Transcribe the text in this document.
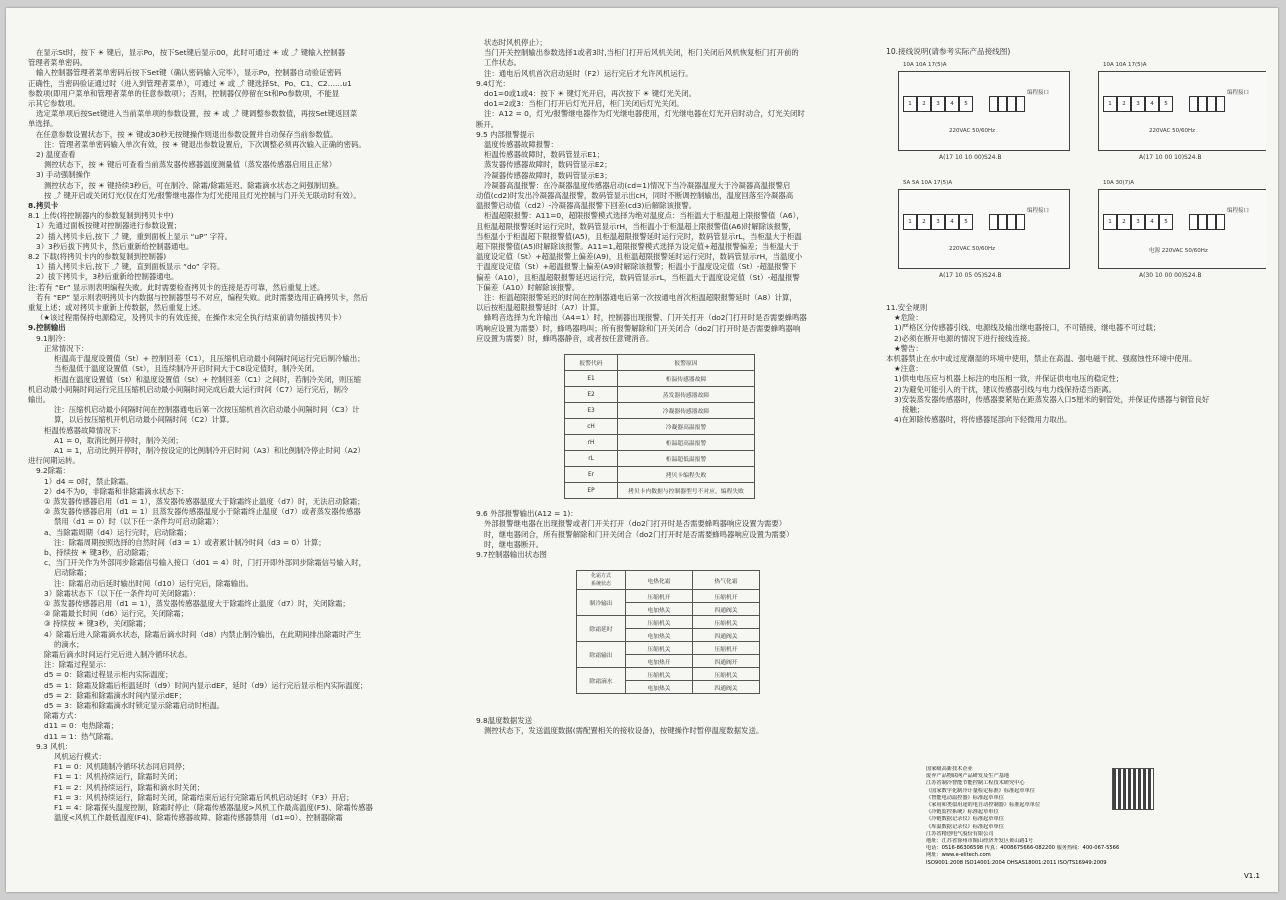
在显示St时，按下 ☀ 键后，显示Po，按下Set键后显示00，此时可通过 ☀ 或 ⤴ 键输入控制器
管理者菜单密码。
输入控制器管理者菜单密码后按下Set键（确认密码输入完毕），显示Po，控制器自动验证密码
正确性，当密码验证通过时（进入到管理者菜单），可通过 ☀ 或 ⤴ 键选择St、Po、C1、C2……u1
参数项(即用户菜单和管理者菜单的任意参数项）；否则，控制器仅停留在St和Po参数项，不能显
示其它参数项。
选定菜单项后按Set键进入当前菜单项的参数设置，按 ☀ 或 ⤴ 键调整参数数值，再按Set键返回菜
单选择。
在任意参数设置状态下，按 ☀ 键或30秒无按键操作则退出参数设置并自动保存当前参数值。
注：管理者菜单密码输入单次有效，按 ☀ 键退出参数设置后，下次调整必须再次输入正确的密码。
2) 温度查看
测控状态下，按 ☀ 键后可查看当前蒸发器传感器温度测量值（蒸发器传感器启用且正常）
3) 手动强制操作
测控状态下，按 ☀ 键持续3秒后，可在制冷、除霜/除霜延迟、除霜滴水状态之间强制切换。
按 ⤴ 键开启或关闭灯光(仅在灯光/报警继电器作为灯光使用且灯光控制与门开关无联动时有效）。
8.拷贝卡
8.1 上传(将控制器内的参数复制到拷贝卡中)
1）先通过面板按键对控制器进行参数设置；
2）插入拷贝卡后,按下 ⤴ 键，重到面板上显示 “uP” 字符。
3）3秒后拔下拷贝卡，然后重新给控制器通电。
8.2 下载(将拷贝卡内的参数复制到控制器)
1）插入拷贝卡后,按下 ⤴ 键，直到面板显示 “do” 字符。
2）拔下拷贝卡，3秒后重新给控制器通电。
注:若有 “Er” 显示则表明编程失败。此时需要检查拷贝卡的连接是否可靠，然后重复上述。
若有 “EP” 显示则表明拷贝卡内数据与控制器型号不对应，编程失败。此时需要选用正确拷贝卡，然后
重复上述；或对拷贝卡重新上传数据，然后重复上述。
（★该过程需保持电源稳定，及拷贝卡的有效连接，在操作未完全执行结束前请勿插拔拷贝卡）
9.控制输出
9.1制冷：
正常情况下：
柜温高于温度设置值（St）+ 控制回差（C1），且压缩机启动最小间隔时间运行完后制冷输出；
当柜温低于温度设置值（St），且连续制冷开启时间大于C8设定值时，制冷关闭。
柜温在温度设置值（St）和温度设置值（St）+ 控制回差（C1）之间时，若制冷关闭，则压缩
机启动最小间隔时间运行完且压缩机启动最小间隔时间完成后最大运行时间（C7）运行完后，制冷
输出。
注：压缩机启动最小间隔时间在控制器通电后第一次按压缩机首次启动最小间隔时间（C3）计
算，以后按压缩机开机启动最小间隔时间（C2）计算。
柜温传感器故障情况下：
A1 = 0，取消比例开停时，制冷关闭；
A1 = 1，启动比例开停时，制冷按设定的比例制冷开启时间（A3）和比例制冷停止时间（A2）
进行间期运转。
9.2除霜：
1）d4 = 0时，禁止除霜。
2）d4不为0，非除霜和非除霜滴水状态下：
① 蒸发器传感器启用（d1 = 1），蒸发器传感器温度大于除霜终止温度（d7）时，无法启动除霜；
② 蒸发器传感器启用（d1 = 1）且蒸发器传感器温度小于除霜终止温度（d7）或者蒸发器传感器
禁用（d1 = 0）时（以下任一条件均可启动除霜）：
a、当除霜周期（d4）运行完时，启动除霜；
注：除霜周期按照选择的自然时间（d3 = 1）或者累计制冷时间（d3 = 0）计算；
b、持续按 ☀ 键3秒，启动除霜；
c、当门开关作为外部同步除霜信号输入接口（d01 = 4）时，门打开即外部同步除霜信号输入时，
启动除霜；
注：除霜启动后延时输出时间（d10）运行完后，除霜输出。
3）除霜状态下（以下任一条件均可关闭除霜）：
① 蒸发器传感器启用（d1 = 1），蒸发器传感器温度大于除霜终止温度（d7）时，关闭除霜；
② 除霜最长时间（d6）运行完，关闭除霜；
③ 持续按 ☀ 键3秒，关闭除霜；
4）除霜后进入除霜滴水状态，除霜后滴水时间（d8）内禁止制冷输出，在此期间排出除霜时产生
的滴水；
除霜后滴水时间运行完后进入制冷循环状态。
注：除霜过程显示：
d5 = 0：除霜过程显示柜内实际温度；
d5 = 1：除霜及除霜后柜温延时（d9）时间内显示dEF，延时（d9）运行完后显示柜内实际温度；
d5 = 2：除霜和除霜滴水时间内显示dEF；
d5 = 3：除霜和除霜滴水时锁定显示除霜启动时柜温。
除霜方式：
d11 = 0：电热除霜；
d11 = 1：热气除霜。
9.3 风机：
风机运行模式：
F1 = 0：风机随制冷循环状态同启同停；
F1 = 1：风机持续运行，除霜时关闭；
F1 = 2：风机持续运行，除霜和滴水时关闭；
F1 = 3：风机持续运行，除霜时关闭，除霜结束后运行完除霜后风机启动延时（F3）开启；
F1 = 4：除霜探头温度控制，除霜时停止（除霜传感器温度>风机工作最高温度(F5)、除霜传感器
温度<风机工作最低温度(F4)、除霜传感器故障、除霜传感器禁用（d1=0）、控制器除霜
状态时风机停止）；
当门开关控制输出参数选择1或者3时,当柜门打开后风机关闭，柜门关闭后风机恢复柜门打开前的
工作状态。
注：通电后风机首次启动延时（F2）运行完后才允许风机运行。
9.4灯光：
do1=0或1或4：按下 ☀ 键灯光开启，再次按下 ☀ 键灯光关闭。
do1=2或3：当柜门打开后灯光开启，柜门关闭后灯光关闭。
注：A12 = 0，灯光/报警继电器作为灯光继电器使用，灯光继电器在灯光开启时动合，灯光关闭时
断开。
9.5 内部报警提示
温度传感器故障报警：
柜温传感器故障时，数码管显示E1；
蒸发器传感器故障时，数码管显示E2；
冷凝器传感器故障时，数码管显示E3；
冷凝器高温报警：在冷凝器温度传感器启动(cd=1)情况下当冷凝器温度大于冷凝器高温报警启
动值(cd2)时发出冷凝器高温报警，数码管显示出cH，同时不断调控制输出，温度回落至冷凝器高
温报警启动值（cd2）-冷凝器高温报警下回差(cd3)后解除该报警。
柜温超限报警：A11=0，超限报警模式选择为绝对温度点：当柜温大于柜温超上限报警值（A6），
且柜温超限报警延时运行完时，数码管显示rH，当柜温小于柜温超上限报警值(A6)时解除该报警，
当柜温小于柜温超下限报警值(A5)，且柜温超限报警延时运行完时，数码管显示rL，当柜温大于柜温
超下限报警值(A5)时解除该报警。A11=1,超限报警模式选择为设定值+超温报警偏差；当柜温大于
温度设定值（St）+超温报警上偏差(A9)，且柜温超限报警延时运行完时，数码管显示rH，当温度小
于温度设定值（St）+超温报警上偏差(A9)时解除该报警；柜温小于温度设定值（St）-超温报警下
偏差（A10），且柜温超限报警延迟运行完，数码管显示rL，当柜温大于温度设定值（St）-超温报警
下偏差（A10）时解除该报警。
注：柜温超限报警延迟的时间在控制器通电后第一次按通电首次柜温超限报警延时（A8）计算，
以后按柜温超限报警延时（A7）计算。
蜂鸣音选择为允许输出（A4=1）时，控制器出现报警、门开关打开（do2门打开时是否需要蜂鸣器
鸣响应设置为需要）时，蜂鸣器鸣叫；所有报警解除和门开关闭合（do2门打开时是否需要蜂鸣器响
应设置为需要）时，蜂鸣器静音，或者按任意键消音。
报警代码	报警原因
E1	柜温传感器故障
E2	蒸发器传感器故障
E3	冷凝器传感器故障
cH	冷凝器高温报警
rH	柜温超高温报警
rL	柜温超低温报警
Er	拷贝卡编程失败
EP	拷贝卡内数据与控制器型号不对应，编程失败
9.6 外部报警输出(A12 = 1)：
外部报警继电器在出现报警或者门开关打开（do2门打开时是否需要蜂鸣器响应设置为需要）
时，继电器闭合，所有报警解除和门开关闭合（do2门打开时是否需要蜂鸣器响应设置为需要）
时，继电器断开。
9.7控制器输出状态图
化霜方式
系统状态	电热化霜	热气化霜
制冷输出	压缩机开	压缩机开
	电加热关	四通阀关
除霜延时	压缩机关	压缩机关
	电加热关	四通阀关
除霜输出	压缩机关	压缩机开
	电加热开	四通阀开
除霜滴水	压缩机关	压缩机关
	电加热关	四通阀关
9.8温度数据发送
测控状态下，发送温度数据(需配置相关的接收设备)，按键操作时暂停温度数据发送。
10.接线说明(请参考实际产品接线图)
10A 10A 17(5)A
1	2	3	4	5
编程接口
220VAC 50/60Hz
A(17 10 10 00)S24.B
10A 10A 17(5)A
1	2	3	4	5
编程接口
220VAC 50/60Hz
A(17 10 00 10)S24.B
5A 5A 10A 17(5)A
1	2	3	4	5
编程接口
220VAC 50/60Hz
A(17 10 05 05)S24.B
10A 30(7)A
1	2	3	4	5
编程接口
电源 220VAC 50/60Hz
A(30 10 00 00)S24.B
11.安全规则
★危险：
1)严格区分传感器引线、电源线及输出继电器接口，不可错接，继电器不可过载；
2)必须在断开电源的情况下进行接线连接。
★警告：
本机器禁止在水中或过度潮湿的环境中使用，禁止在高温、强电磁干扰、强腐蚀性环境中使用。
★注意：
1)供电电压应与机器上标注的电压相一致，并保证供电电压的稳定性；
2)为避免可能引入的干扰，建议传感器引线与电力线保持适当距离。
3)安装蒸发器传感器时，传感器要紧贴在距蒸发器入口5厘米的铜管处，并保证传感器与铜管良好
接触；
4)在卸除传感器时，将传感器尾部向下轻微用力取出。
国家级高新技术企业
废弃产品物联网产品研发及生产基地
江苏省制冷智能节能控制工程技术研究中心
《国家数字化制冷计量检定标准》标准起草单位
《智能电动温控器》标准起草单位
《家用和类似用途的电自动控制器》标准起草单位
《冷链监控系统》标准起草单位
《冷链数据记录仪》标准起草单位
《库温数据记录仪》标准起草单位
江苏省精创电气股份有限公司
地址：江苏省徐州市铜山经济开发区黄山路1号
电话：0516-86306598 传真：4008675666-082200 服务热线：400-067-5566
网址：www.e-elitech.com
ISO9001:2008 ISO14001:2004 OHSAS18001:2011 ISO/TS16949:2009
V1.1
